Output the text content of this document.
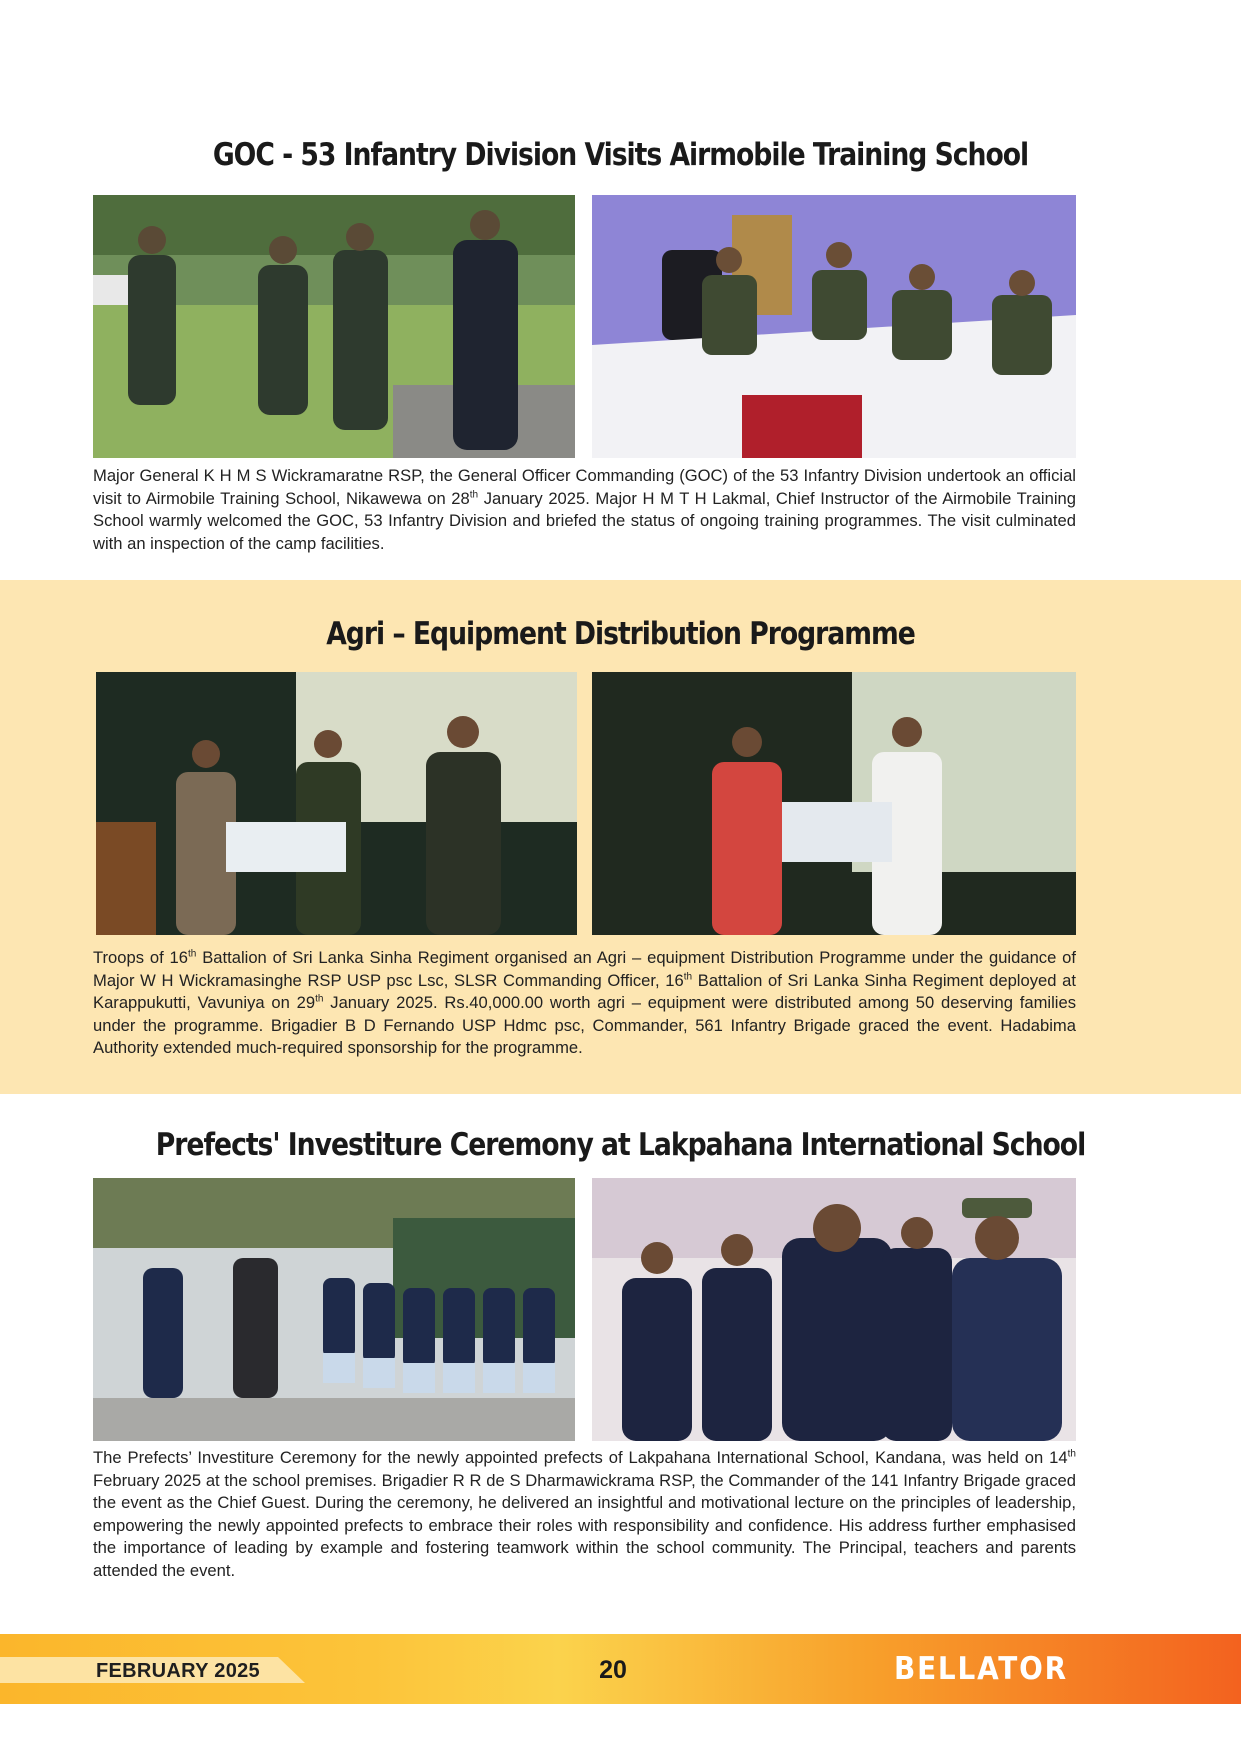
GOC - 53 Infantry Division Visits Airmobile Training School

Major General K H M S Wickramaratne RSP, the General Officer Commanding (GOC) of the 53 Infantry Division undertook an official visit to Airmobile Training School, Nikawewa on 28th January 2025. Major H M T H Lakmal, Chief Instructor of the Airmobile Training School warmly welcomed the GOC, 53 Infantry Division and briefed the status of ongoing training programmes. The visit culminated with an inspection of the camp facilities.

Agri – Equipment Distribution Programme

Troops of 16th Battalion of Sri Lanka Sinha Regiment organised an Agri – equipment Distribution Programme under the guidance of Major W H Wickramasinghe RSP USP psc Lsc, SLSR Commanding Officer, 16th Battalion of Sri Lanka Sinha Regiment deployed at Karappukutti, Vavuniya on 29th January 2025. Rs.40,000.00 worth agri – equipment were distributed among 50 deserving families under the programme. Brigadier B D Fernando USP Hdmc psc, Commander, 561 Infantry Brigade graced the event. Hadabima Authority extended much-required sponsorship for the programme.

Prefects' Investiture Ceremony at Lakpahana International School

The Prefects’ Investiture Ceremony for the newly appointed prefects of Lakpahana International School, Kandana, was held on 14th February 2025 at the school premises. Brigadier R R de S Dharmawickrama RSP, the Commander of the 141 Infantry Brigade graced the event as the Chief Guest. During the ceremony, he delivered an insightful and motivational lecture on the principles of leadership, empowering the newly appointed prefects to embrace their roles with responsibility and confidence. His address further emphasised the importance of leading by example and fostering teamwork within the school community. The Principal, teachers and parents attended the event.

FEBRUARY 2025	20	BELLATOR
